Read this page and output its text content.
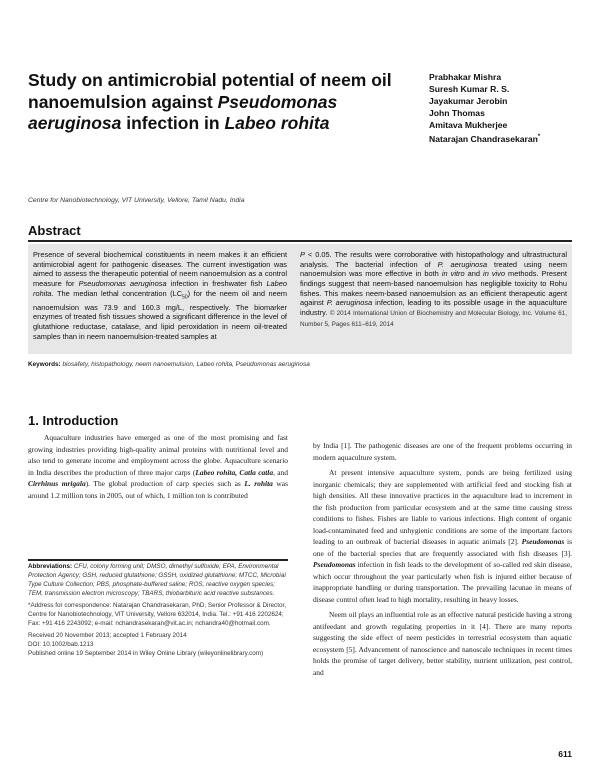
Study on antimicrobial potential of neem oil nanoemulsion against Pseudomonas aeruginosa infection in Labeo rohita
Prabhakar Mishra
Suresh Kumar R. S.
Jayakumar Jerobin
John Thomas
Amitava Mukherjee
Natarajan Chandrasekaran*
Centre for Nanobiotechnology, VIT University, Vellore, Tamil Nadu, India
Abstract
Presence of several biochemical constituents in neem makes it an efficient antimicrobial agent for pathogenic diseases. The current investigation was aimed to assess the therapeutic potential of neem nanoemulsion as a control measure for Pseudomonas aeruginosa infection in freshwater fish Labeo rohita. The median lethal concentration $(LC_{50})$ for the neem oil and neem nanoemulsion was 73.9 and 160.3 mg/L, respectively. The biomarker enzymes of treated fish tissues showed a significant difference in the level of glutathione reductase, catalase, and lipid peroxidation in neem oil-treated samples than in neem nanoemulsion-treated samples at
P < 0.05. The results were corroborative with histopathology and ultrastructural analysis. The bacterial infection of P. aeruginosa treated using neem nanoemulsion was more effective in both in vitro and in vivo methods. Present findings suggest that neem-based nanoemulsion has negligible toxicity to Rohu fishes. This makes neem-based nanoemulsion as an efficient therapeutic agent against P. aeruginosa infection, leading to its possible usage in the aquaculture industry. © 2014 International Union of Biochemistry and Molecular Biology, Inc. Volume 61, Number 5, Pages 611–619, 2014
Keywords: biosafety, histopathology, neem nanoemulsion, Labeo rohita, Pseudomonas aeruginosa
1. Introduction

Aquaculture industries have emerged as one of the most promising and fast growing industries providing high-quality animal proteins with nutritional level and also tend to generate income and employment across the globe. Aquaculture scenario in India describes the production of three major carps (Labeo rohita, Catla catla, and Cirrhinus mrigala). The global production of carp species such as L. rohita was around 1.2 million tons in 2005, out of which, 1 million ton is contributed

Abbreviations: CFU, colony forming unit; DMSO, dimethyl sulfoxide; EPA, Environmental Protection Agency; GSH, reduced glutathione; GSSH, oxidized glutathione; MTCC, Microbial Type Culture Collection; PBS, phosphate-buffered saline; ROS, reactive oxygen species; TEM, transmission electron microscopy; TBARS, thiobarbituric acid reactive substances.

*Address for correspondence: Natarajan Chandrasekaran, PhD, Senior Professor & Director, Centre for Nanobiotechnology, VIT University, Vellore 632014, India. Tel.: +91 416 2202624; Fax: +91 416 2243092; e-mail: nchandrasekaran@vit.ac.in; nchandra40@hotmail.com.

Received 20 November 2013; accepted 1 February 2014
DOI: 10.1002/bab.1213
Published online 19 September 2014 in Wiley Online Library (wileyonlinelibrary.com)

by India [1]. The pathogenic diseases are one of the frequent problems occurring in modern aquaculture system.

At present intensive aquaculture system, ponds are being fertilized using inorganic chemicals; they are supplemented with artificial feed and stocking fish at high densities. All these innovative practices in the aquaculture lead to increment in the fish production from particular ecosystem and at the same time causing stress conditions to fishes. Fishes are liable to various infections. High content of organic load-contaminated feed and unhygienic conditions are some of the important factors leading to an outbreak of bacterial diseases in aquatic animals [2]. Pseudomonas is one of the bacterial species that are frequently associated with fish diseases [3]. Pseudomonas infection in fish leads to the development of so-called red skin disease, which occur throughout the year particularly when fish is injured either because of inappropriate handling or during transportation. The prevailing lacunae in means of disease control often lead to high mortality, resulting in heavy losses.

Neem oil plays an influential role as an effective natural pesticide having a strong antifeedant and growth regulating properties in it [4]. There are many reports suggesting the side effect of neem pesticides in terrestrial ecosystem than aquatic ecosystem [5]. Advancement of nanoscience and nanoscale techniques in recent times holds the promise of target delivery, better stability, nutrient utilization, pest control, and

611
